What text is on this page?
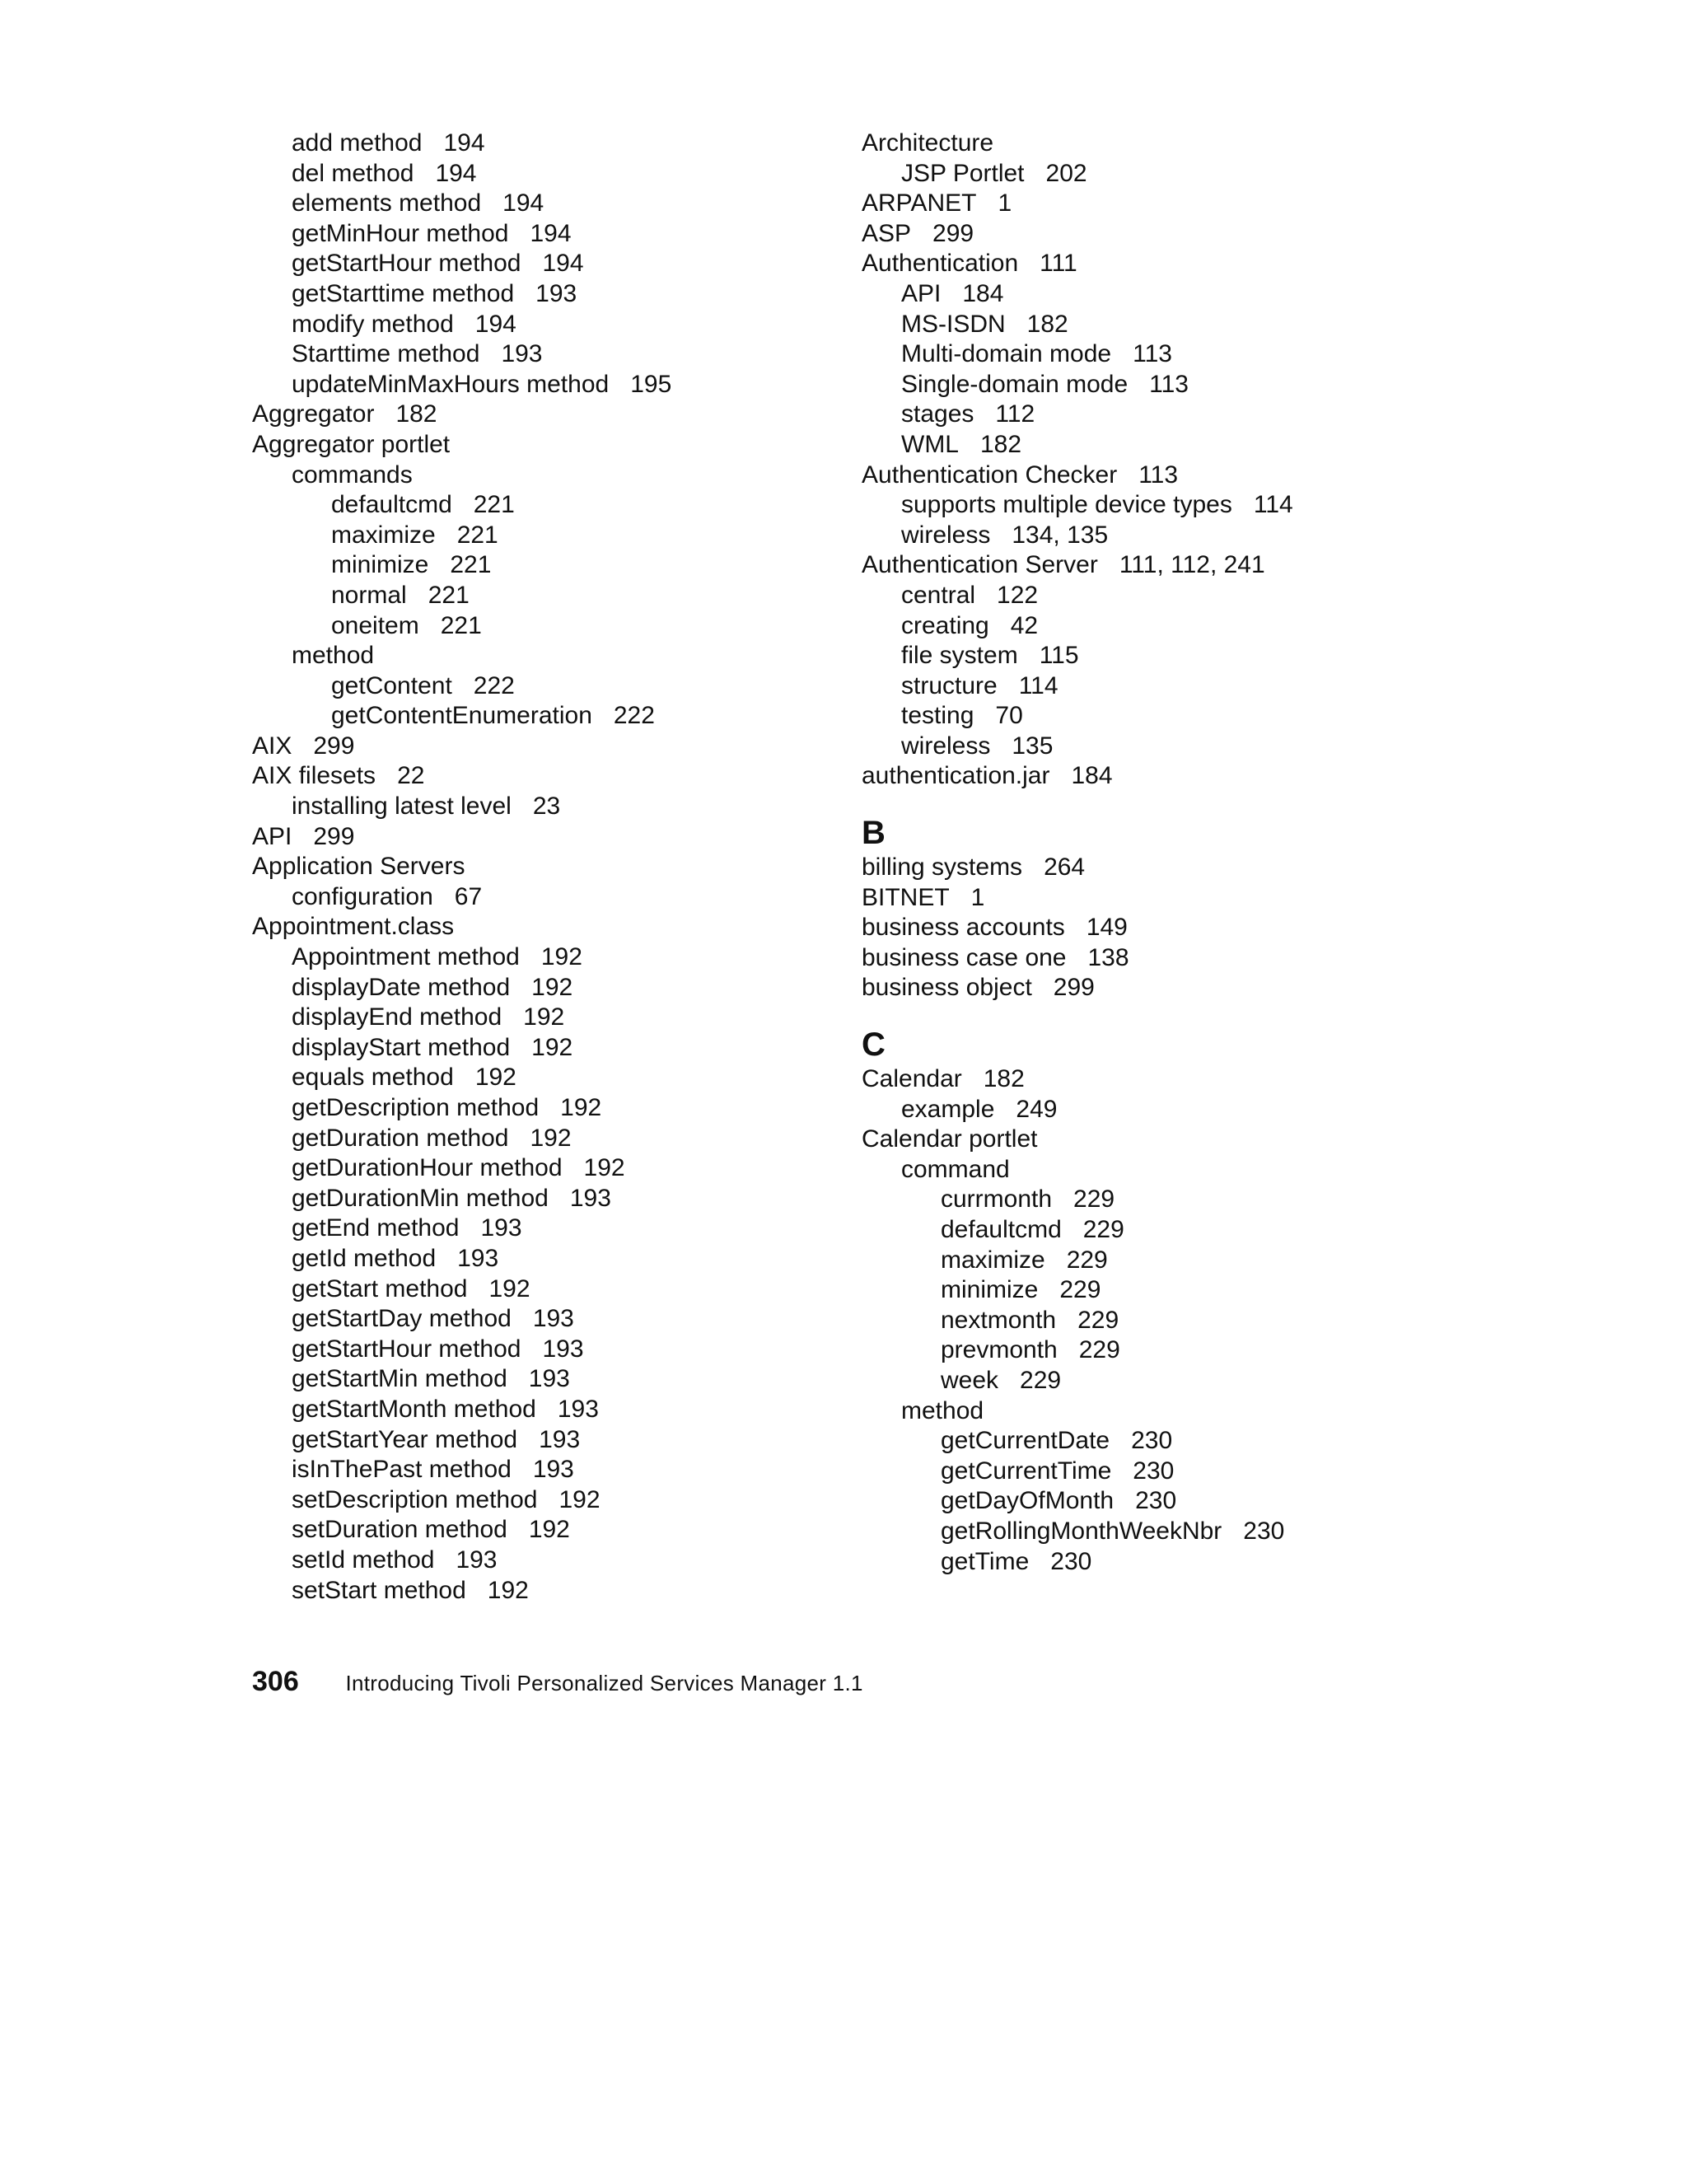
add method 194
del method 194
elements method 194
getMinHour method 194
getStartHour method 194
getStarttime method 193
modify method 194
Starttime method 193
updateMinMaxHours method 195
Aggregator 182
Aggregator portlet
commands
defaultcmd 221
maximize 221
minimize 221
normal 221
oneitem 221
method
getContent 222
getContentEnumeration 222
AIX 299
AIX filesets 22
installing latest level 23
API 299
Application Servers
configuration 67
Appointment.class
Appointment method 192
displayDate method 192
displayEnd method 192
displayStart method 192
equals method 192
getDescription method 192
getDuration method 192
getDurationHour method 192
getDurationMin method 193
getEnd method 193
getId method 193
getStart method 192
getStartDay method 193
getStartHour method 193
getStartMin method 193
getStartMonth method 193
getStartYear method 193
isInThePast method 193
setDescription method 192
setDuration method 192
setId method 193
setStart method 192
Architecture
JSP Portlet 202
ARPANET 1
ASP 299
Authentication 111
API 184
MS-ISDN 182
Multi-domain mode 113
Single-domain mode 113
stages 112
WML 182
Authentication Checker 113
supports multiple device types 114
wireless 134, 135
Authentication Server 111, 112, 241
central 122
creating 42
file system 115
structure 114
testing 70
wireless 135
authentication.jar 184
B
billing systems 264
BITNET 1
business accounts 149
business case one 138
business object 299
C
Calendar 182
example 249
Calendar portlet
command
currmonth 229
defaultcmd 229
maximize 229
minimize 229
nextmonth 229
prevmonth 229
week 229
method
getCurrentDate 230
getCurrentTime 230
getDayOfMonth 230
getRollingMonthWeekNbr 230
getTime 230
306 Introducing Tivoli Personalized Services Manager 1.1
